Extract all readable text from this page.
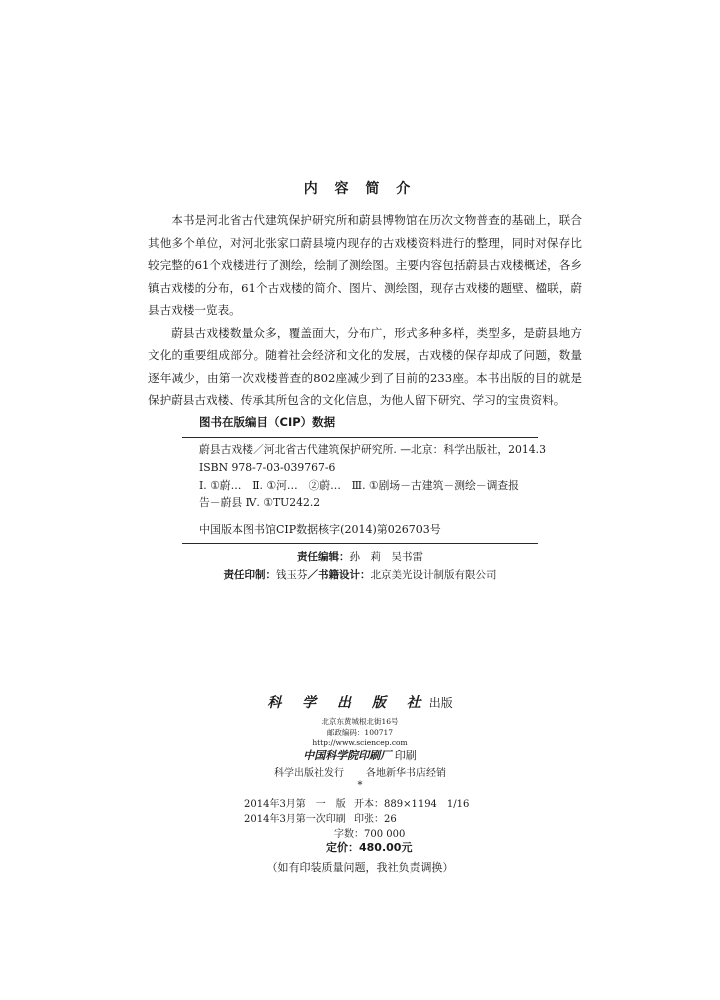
内 容 简 介

本书是河北省古代建筑保护研究所和蔚县博物馆在历次文物普查的基础上，联合其他多个单位，对河北张家口蔚县境内现存的古戏楼资料进行的整理，同时对保存比较完整的61个戏楼进行了测绘，绘制了测绘图。主要内容包括蔚县古戏楼概述，各乡镇古戏楼的分布，61个古戏楼的简介、图片、测绘图，现存古戏楼的题壁、楹联，蔚县古戏楼一览表。

蔚县古戏楼数量众多，覆盖面大，分布广，形式多种多样，类型多，是蔚县地方文化的重要组成部分。随着社会经济和文化的发展，古戏楼的保存却成了问题，数量逐年减少，由第一次戏楼普查的802座减少到了目前的233座。本书出版的目的就是保护蔚县古戏楼、传承其所包含的文化信息，为他人留下研究、学习的宝贵资料。

图书在版编目（CIP）数据
蔚县古戏楼／河北省古代建筑保护研究所. —北京：科学出版社，2014.3
ISBN 978-7-03-039767-6
Ⅰ. ①蔚…　Ⅱ. ①河…　②蔚…　Ⅲ. ①剧场－古建筑－测绘－调查报
告－蔚县 Ⅳ. ①TU242.2
中国版本图书馆CIP数据核字(2014)第026703号
责任编辑：孙　莉　吴书雷
责任印制：钱玉芬／书籍设计：北京美光设计制版有限公司
科 学 出 版 社出版
北京东黄城根北街16号
邮政编码：100717
http://www.sciencep.com
中国科学院印刷厂 印刷
科学出版社发行 各地新华书店经销
*
2014年3月第　一　版 开本：889×1194　1/16
2014年3月第一次印刷 印张：26
字数：700 000
定价：480.00元
（如有印装质量问题，我社负责调换）
